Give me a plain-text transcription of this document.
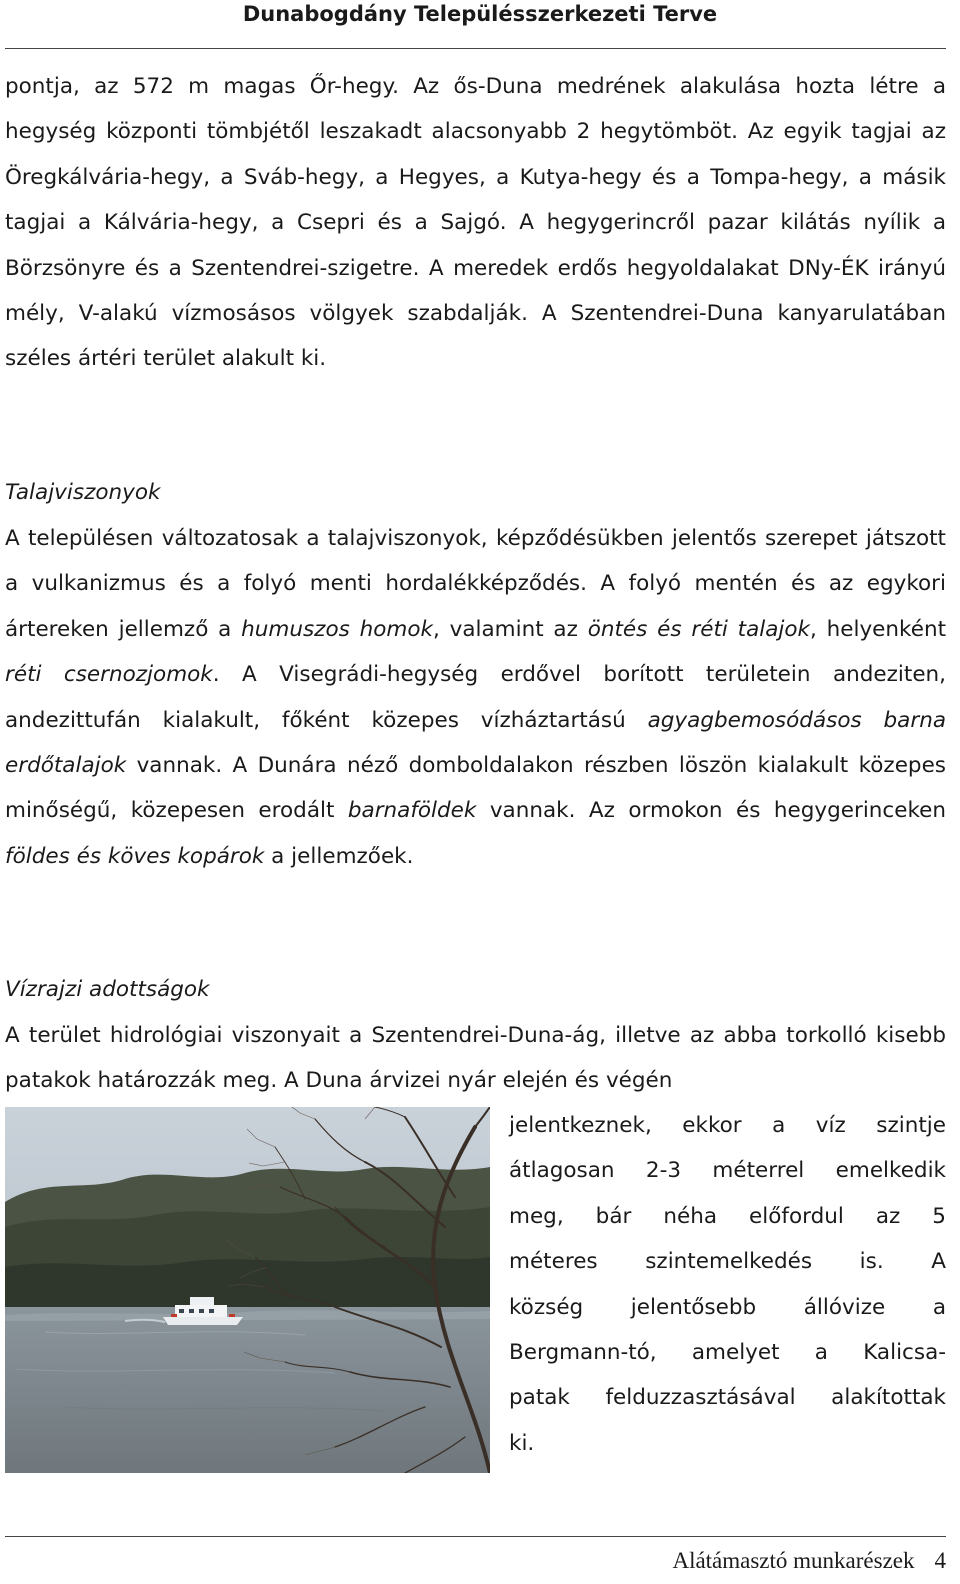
Dunabogdány Településszerkezeti Terve
pontja, az 572 m magas Őr-hegy. Az ős-Duna medrének alakulása hozta létre a hegység központi tömbjétől leszakadt alacsonyabb 2 hegytömböt. Az egyik tagjai az Öregkálvária-hegy, a Sváb-hegy, a Hegyes, a Kutya-hegy és a Tompa-hegy, a másik tagjai a Kálvária-hegy, a Csepri és a Sajgó. A hegygerincről pazar kilátás nyílik a Börzsönyre és a Szentendrei-szigetre. A meredek erdős hegyoldalakat DNy-ÉK irányú mély, V-alakú vízmosásos völgyek szabdalják. A Szentendrei-Duna kanyarulatában széles ártéri terület alakult ki.
Talajviszonyok
A településen változatosak a talajviszonyok, képződésükben jelentős szerepet játszott a vulkanizmus és a folyó menti hordalékképződés. A folyó mentén és az egykori ártereken jellemző a humuszos homok, valamint az öntés és réti talajok, helyenként réti csernozjomok. A Visegrádi-hegység erdővel borított területein andeziten, andezittufán kialakult, főként közepes vízháztartású agyagbemosódásos barna erdőtalajok vannak. A Dunára néző domboldalakon részben löszön kialakult közepes minőségű, közepesen erodált barnaföldek vannak. Az ormokon és hegygerinceken földes és köves kopárok a jellemzőek.
Vízrajzi adottságok
A terület hidrológiai viszonyait a Szentendrei-Duna-ág, illetve az abba torkolló kisebb patakok határozzák meg. A Duna árvizei nyár elején és végén
jelentkeznek, ekkor a víz szintje
átlagosan 2-3 méterrel emelkedik
meg, bár néha előfordul az 5
méteres szintemelkedés is. A
község jelentősebb állóvize a
Bergmann-tó, amelyet a Kalicsa-
patak felduzzasztásával alakítottak
ki.
Alátámasztó munkarészek 4
